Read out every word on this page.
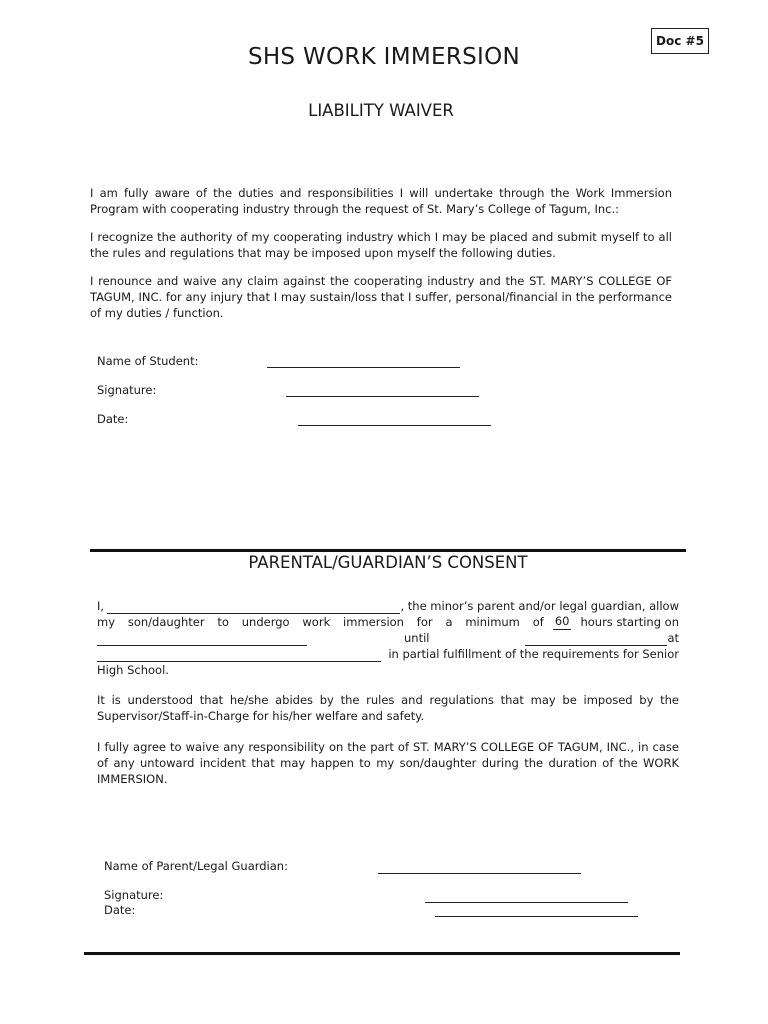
Doc #5
SHS WORK IMMERSION
LIABILITY WAIVER
I am fully aware of the duties and responsibilities I will undertake through the Work Immersion Program with cooperating industry through the request of St. Mary’s College of Tagum, Inc.:
I recognize the authority of my cooperating industry which I may be placed and submit myself to all the rules and regulations that may be imposed upon myself the following duties.
I renounce and waive any claim against the cooperating industry and the ST. MARY’S COLLEGE OF TAGUM, INC. for any injury that I may sustain/loss that I suffer, personal/financial in the performance of my duties / function.
Name of Student:
Signature:
Date:
PARENTAL/GUARDIAN’S CONSENT
I,	, the minor’s parent and/or legal guardian, allow
my son/daughter to undergo work immersion for a minimum of 60 hours starting on
until	at
in partial fulfillment of the requirements for Senior
High School.
It is understood that he/she abides by the rules and regulations that may be imposed by the Supervisor/Staff-in-Charge for his/her welfare and safety.
I fully agree to waive any responsibility on the part of ST. MARY’S COLLEGE OF TAGUM, INC., in case of any untoward incident that may happen to my son/daughter during the duration of the WORK IMMERSION.
Name of Parent/Legal Guardian:
Signature:
Date:
